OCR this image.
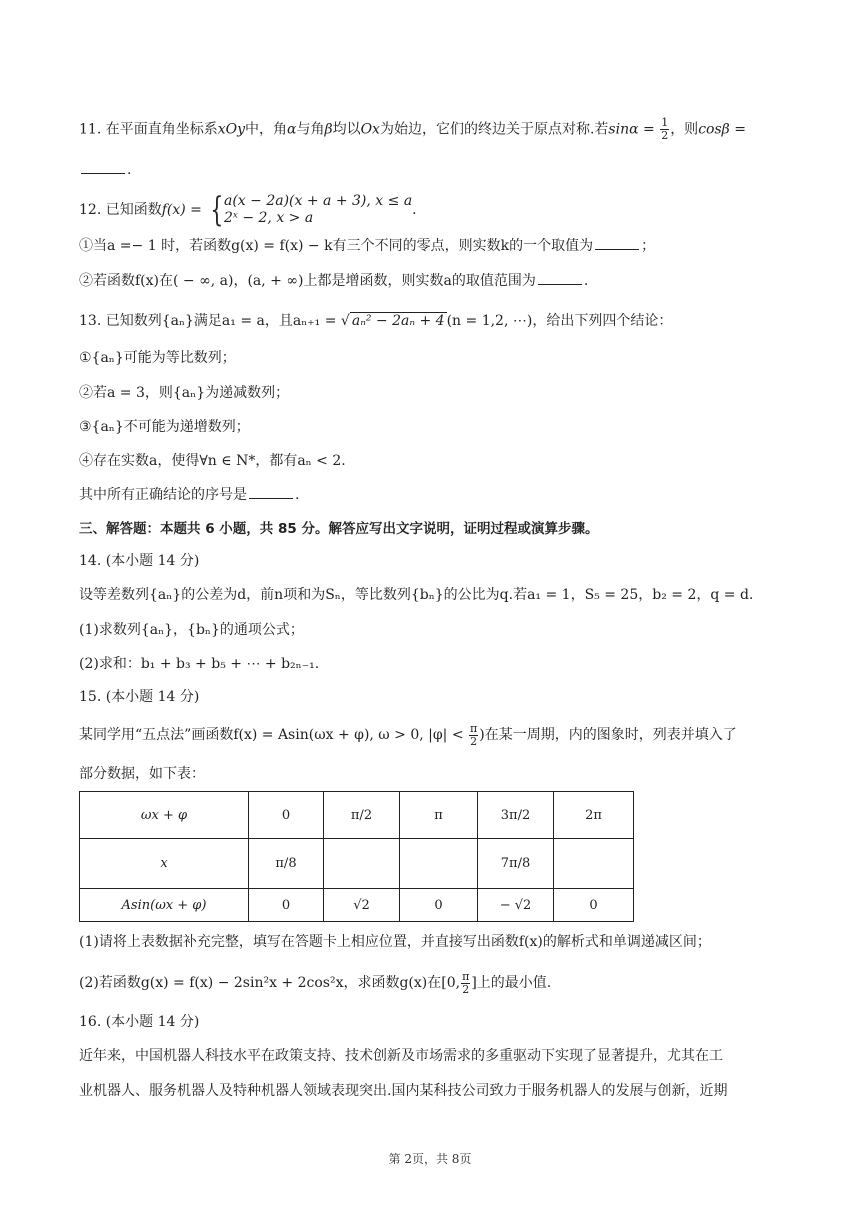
11. 在平面直角坐标系xOy中，角α与角β均以Ox为始边，它们的终边关于原点对称.若$\sin\alpha = \frac{1}{2}$ ，则cosβ =
.
12. 已知函数f(x) = { a(x − 2a)(x + a + 3), x ≤ a
2ˣ − 2, x > a	.
①当a =− 1 时，若函数g(x) = f(x) − k有三个不同的零点，则实数k的一个取值为	；
②若函数f(x)在( − ∞, a)，(a, + ∞)上都是增函数，则实数a的取值范围为	.
13. 已知数列{aₙ}满足a₁ = a，且aₙ₊₁ = √ aₙ² − 2aₙ + 4 (n = 1,2, ⋯)，给出下列四个结论：
①{aₙ}可能为等比数列；
②若a = 3，则{aₙ}为递减数列；
③{aₙ}不可能为递增数列；
④存在实数a，使得∀n ∈ N*，都有aₙ < 2.
其中所有正确结论的序号是	.
三、解答题：本题共 6 小题，共 85 分。解答应写出文字说明，证明过程或演算步骤。
14. (本小题 14 分)
设等差数列{aₙ}的公差为d，前n项和为Sₙ，等比数列{bₙ}的公比为q.若a₁ = 1，S₅ = 25，b₂ = 2，q = d.
(1)求数列{aₙ}，{bₙ}的通项公式；
(2)求和：b₁ + b₃ + b₅ + ⋯ + b₂ₙ₋₁.
15. (本小题 14 分)
某同学用“五点法”画函数f(x) = Asin(ωx + φ), ω > 0, $|\varphi| < \frac{\pi}{2}$ )在某一周期，内的图象时，列表并填入了
部分数据，如下表：
ωx + φ	0	π/2	π	3π/2	2π
x	π/8			7π/8	
Asin(ωx + φ)	0	√2	0	− √2	0
(1)请将上表数据补充完整，填写在答题卡上相应位置，并直接写出函数f(x)的解析式和单调递减区间；
(2)若函数g(x) = f(x) − 2sin²x + 2cos²x，求函数g(x)在[0, $\frac{\pi}{2}$ ]上的最小值.
16. (本小题 14 分)
近年来，中国机器人科技水平在政策支持、技术创新及市场需求的多重驱动下实现了显著提升，尤其在工
业机器人、服务机器人及特种机器人领域表现突出.国内某科技公司致力于服务机器人的发展与创新，近期
第 2页，共 8页
